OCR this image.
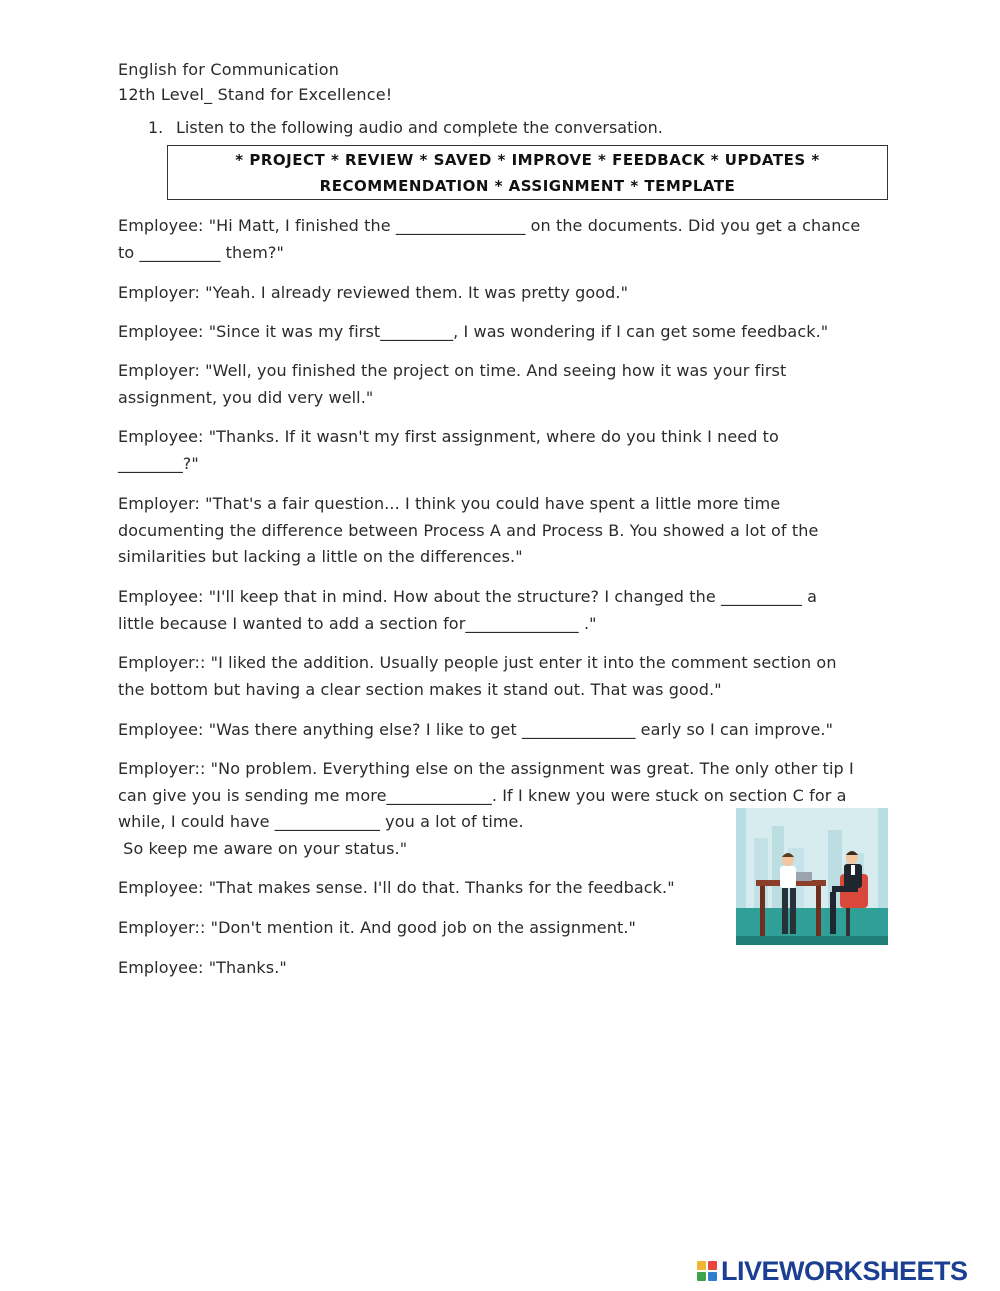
English for Communication
12th Level_ Stand for Excellence!
1. Listen to the following audio and complete the conversation.
* PROJECT * REVIEW * SAVED * IMPROVE * FEEDBACK * UPDATES *
RECOMMENDATION * ASSIGNMENT * TEMPLATE
Employee: "Hi Matt, I finished the ________________ on the documents. Did you get a chance
to __________ them?"
Employer: "Yeah. I already reviewed them. It was pretty good."
Employee: "Since it was my first_________, I was wondering if I can get some feedback."
Employer: "Well, you finished the project on time. And seeing how it was your first
assignment, you did very well."
Employee: "Thanks. If it wasn't my first assignment, where do you think I need to
________?"
Employer: "That's a fair question... I think you could have spent a little more time
documenting the difference between Process A and Process B. You showed a lot of the
similarities but lacking a little on the differences."
Employee: "I'll keep that in mind. How about the structure? I changed the __________ a
little because I wanted to add a section for______________ ."
Employer:: "I liked the addition. Usually people just enter it into the comment section on
the bottom but having a clear section makes it stand out. That was good."
Employee: "Was there anything else? I like to get ______________ early so I can improve."
Employer:: "No problem. Everything else on the assignment was great. The only other tip I
can give you is sending me more_____________. If I knew you were stuck on section C for a
while, I could have _____________ you a lot of time.
So keep me aware on your status."
Employee: "That makes sense. I'll do that. Thanks for the feedback."
Employer:: "Don't mention it. And good job on the assignment."
Employee: "Thanks."
LIVEWORKSHEETS
